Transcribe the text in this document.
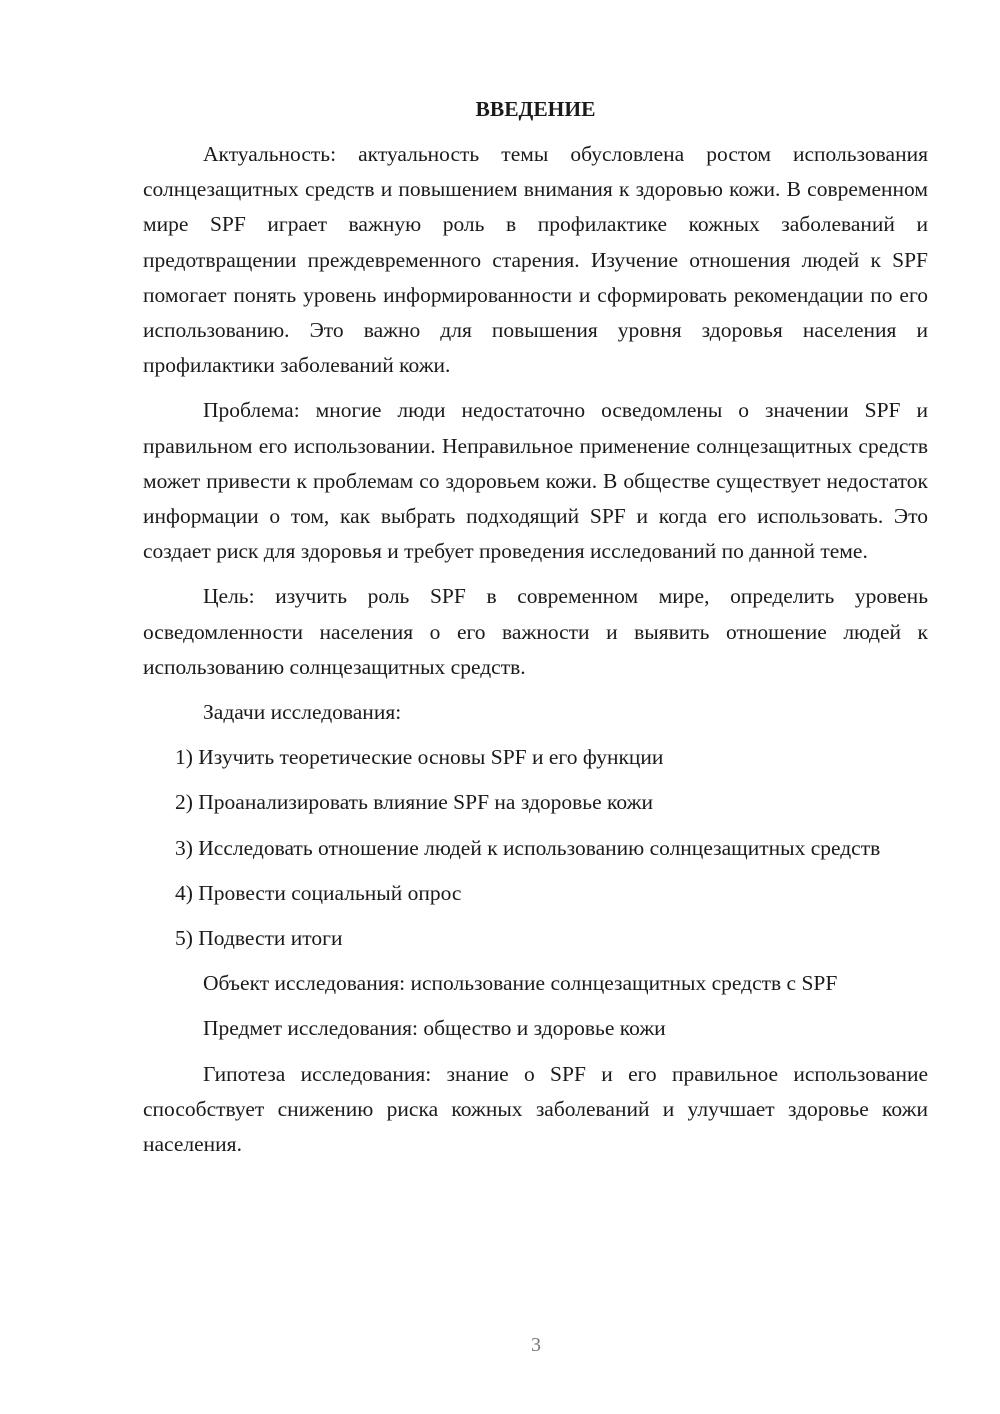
ВВЕДЕНИЕ

Актуальность: актуальность темы обусловлена ростом использования солнцезащитных средств и повышением внимания к здоровью кожи. В современном мире SPF играет важную роль в профилактике кожных заболеваний и предотвращении преждевременного старения. Изучение отношения людей к SPF помогает понять уровень информированности и сформировать рекомендации по его использованию. Это важно для повышения уровня здоровья населения и профилактики заболеваний кожи.

Проблема: многие люди недостаточно осведомлены о значении SPF и правильном его использовании. Неправильное применение солнцезащитных средств может привести к проблемам со здоровьем кожи. В обществе существует недостаток информации о том, как выбрать подходящий SPF и когда его использовать. Это создает риск для здоровья и требует проведения исследований по данной теме.

Цель: изучить роль SPF в современном мире, определить уровень осведомленности населения о его важности и выявить отношение людей к использованию солнцезащитных средств.

Задачи исследования:

1) Изучить теоретические основы SPF и его функции

2) Проанализировать влияние SPF на здоровье кожи

3) Исследовать отношение людей к использованию солнцезащитных средств

4) Провести социальный опрос

5) Подвести итоги

Объект исследования: использование солнцезащитных средств с SPF

Предмет исследования: общество и здоровье кожи

Гипотеза исследования: знание о SPF и его правильное использование способствует снижению риска кожных заболеваний и улучшает здоровье кожи населения.

3
